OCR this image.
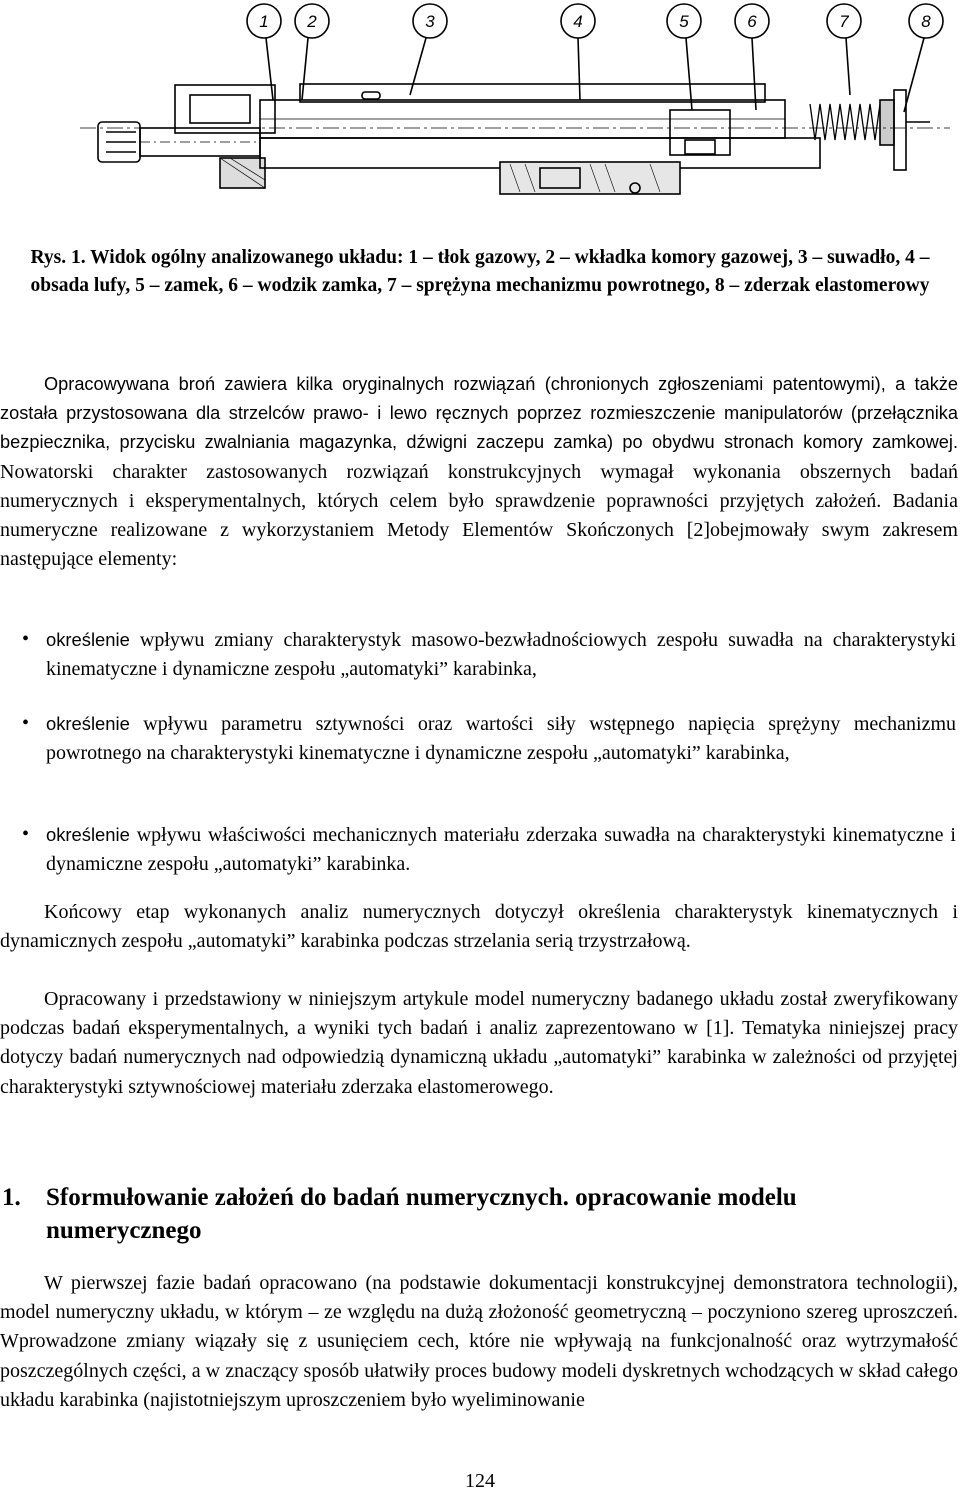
1 2	3	4	5	6	7	8
Rys. 1. Widok ogólny analizowanego układu: 1 – tłok gazowy, 2 – wkładka komory gazowej, 3 – suwadło, 4 – obsada lufy, 5 – zamek, 6 – wodzik zamka, 7 – sprężyna mechanizmu powrotnego, 8 – zderzak elastomerowy

Opracowywana broń zawiera kilka oryginalnych rozwiązań (chronionych zgłoszeniami patentowymi), a także została przystosowana dla strzelców prawo- i lewo ręcznych poprzez rozmieszczenie manipulatorów (przełącznika bezpiecznika, przycisku zwalniania magazynka, dźwigni zaczepu zamka) po obydwu stronach komory zamkowej. Nowatorski charakter zastosowanych rozwiązań konstrukcyjnych wymagał wykonania obszernych badań numerycznych i eksperymentalnych, których celem było sprawdzenie poprawności przyjętych założeń. Badania numeryczne realizowane z wykorzystaniem Metody Elementów Skończonych [2]obejmowały swym zakresem następujące elementy:

• określenie wpływu zmiany charakterystyk masowo-bezwładnościowych zespołu suwadła na charakterystyki kinematyczne i dynamiczne zespołu „automatyki” karabinka,
• określenie wpływu parametru sztywności oraz wartości siły wstępnego napięcia sprężyny mechanizmu powrotnego na charakterystyki kinematyczne i dynamiczne zespołu „automatyki” karabinka,
• określenie wpływu właściwości mechanicznych materiału zderzaka suwadła na charakterystyki kinematyczne i dynamiczne zespołu „automatyki” karabinka.

Końcowy etap wykonanych analiz numerycznych dotyczył określenia charakterystyk kinematycznych i dynamicznych zespołu „automatyki” karabinka podczas strzelania serią trzystrzałową.

Opracowany i przedstawiony w niniejszym artykule model numeryczny badanego układu został zweryfikowany podczas badań eksperymentalnych, a wyniki tych badań i analiz zaprezentowano w [1]. Tematyka niniejszej pracy dotyczy badań numerycznych nad odpowiedzią dynamiczną układu „automatyki” karabinka w zależności od przyjętej charakterystyki sztywnościowej materiału zderzaka elastomerowego.

1.	Sformułowanie założeń do badań numerycznych. opracowanie modelu numerycznego

W pierwszej fazie badań opracowano (na podstawie dokumentacji konstrukcyjnej demonstratora technologii), model numeryczny układu, w którym – ze względu na dużą złożoność geometryczną – poczyniono szereg uproszczeń. Wprowadzone zmiany wiązały się z usunięciem cech, które nie wpływają na funkcjonalność oraz wytrzymałość poszczególnych części, a w znaczący sposób ułatwiły proces budowy modeli dyskretnych wchodzących w skład całego układu karabinka (najistotniejszym uproszczeniem było wyeliminowanie

124
